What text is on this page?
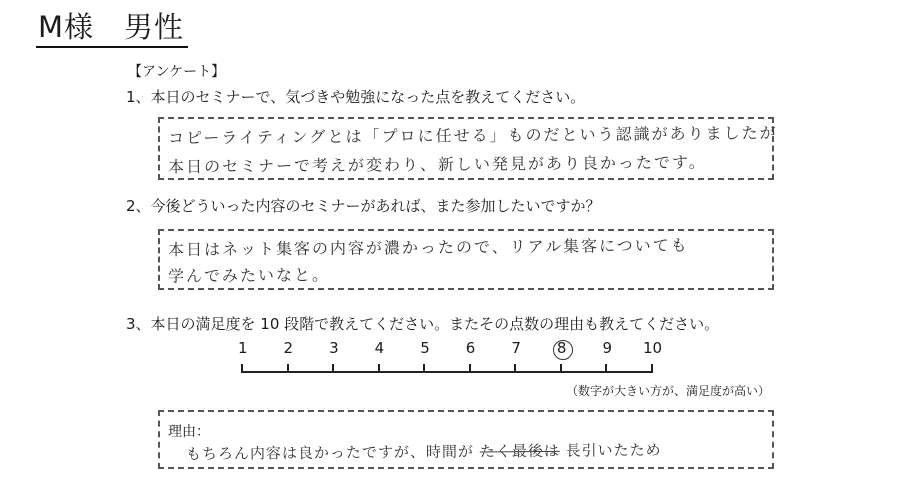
M様　男性
【アンケート】
1、本日のセミナーで、気づきや勉強になった点を教えてください。
コピーライティングとは「プロに任せる」ものだという認識がありましたが
本日のセミナーで考えが変わり、新しい発見があり良かったです。
2、今後どういった内容のセミナーがあれば、また参加したいですか？
本日はネット集客の内容が濃かったので、リアル集客についても
学んでみたいなと。
3、本日の満足度を 10 段階で教えてください。またその点数の理由も教えてください。
1 2 3 4 5 6 7 8 9 10
（数字が大きい方が、満足度が高い）
理由：
もちろん内容は良かったですが、時間が たく最後は 長引いたため
